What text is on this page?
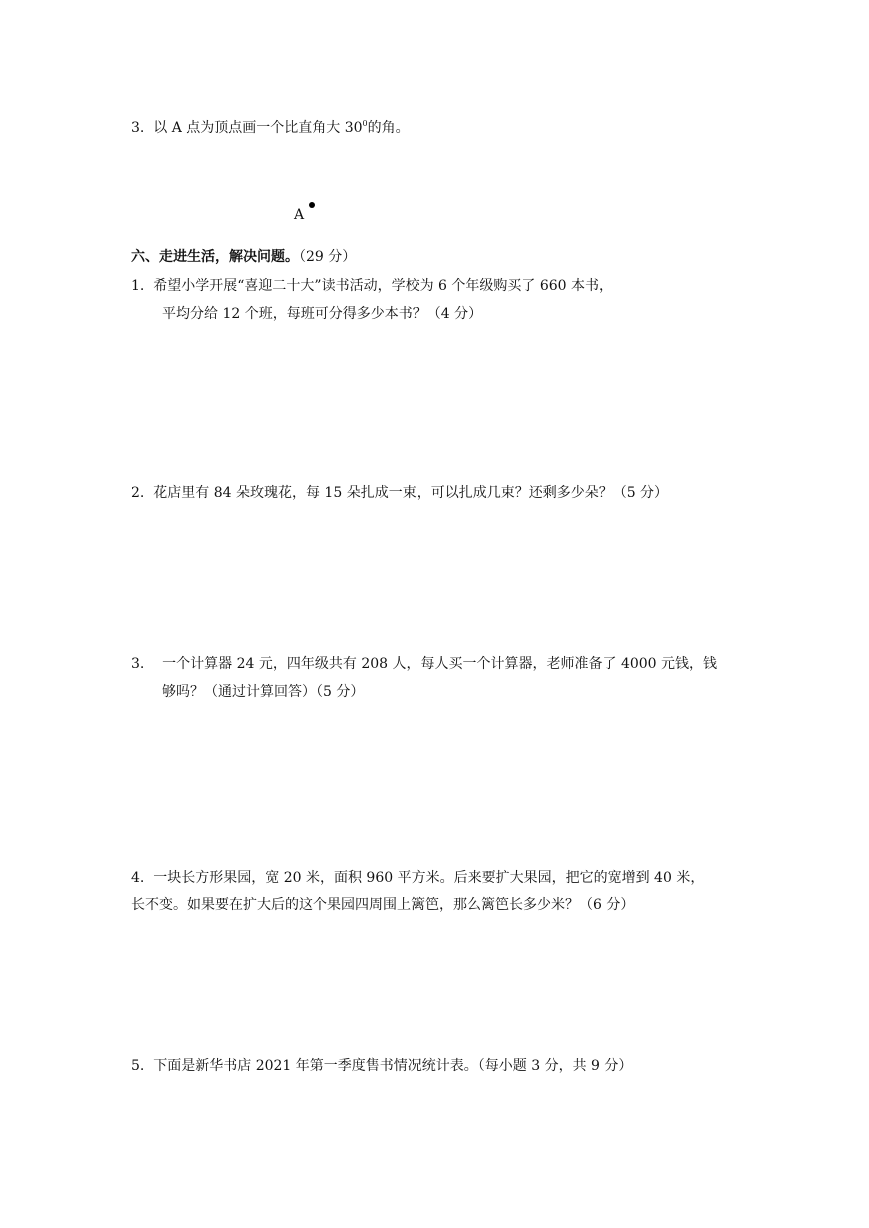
3. 以 A 点为顶点画一个比直角大 $30^0$的角。
A
六、走进生活，解决问题。（29 分）
1. 希望小学开展“喜迎二十大”读书活动，学校为 6 个年级购买了 660 本书，
平均分给 12 个班，每班可分得多少本书？（4 分）
2. 花店里有 84 朵玫瑰花，每 15 朵扎成一束，可以扎成几束？还剩多少朵？（5 分）
3. 一个计算器 24 元，四年级共有 208 人，每人买一个计算器，老师准备了 4000 元钱，钱
够吗？（通过计算回答）（5 分）
4. 一块长方形果园，宽 20 米，面积 960 平方米。后来要扩大果园，把它的宽增到 40 米，
长不变。如果要在扩大后的这个果园四周围上篱笆，那么篱笆长多少米？（6 分）
5. 下面是新华书店 2021 年第一季度售书情况统计表。（每小题 3 分，共 9 分）
